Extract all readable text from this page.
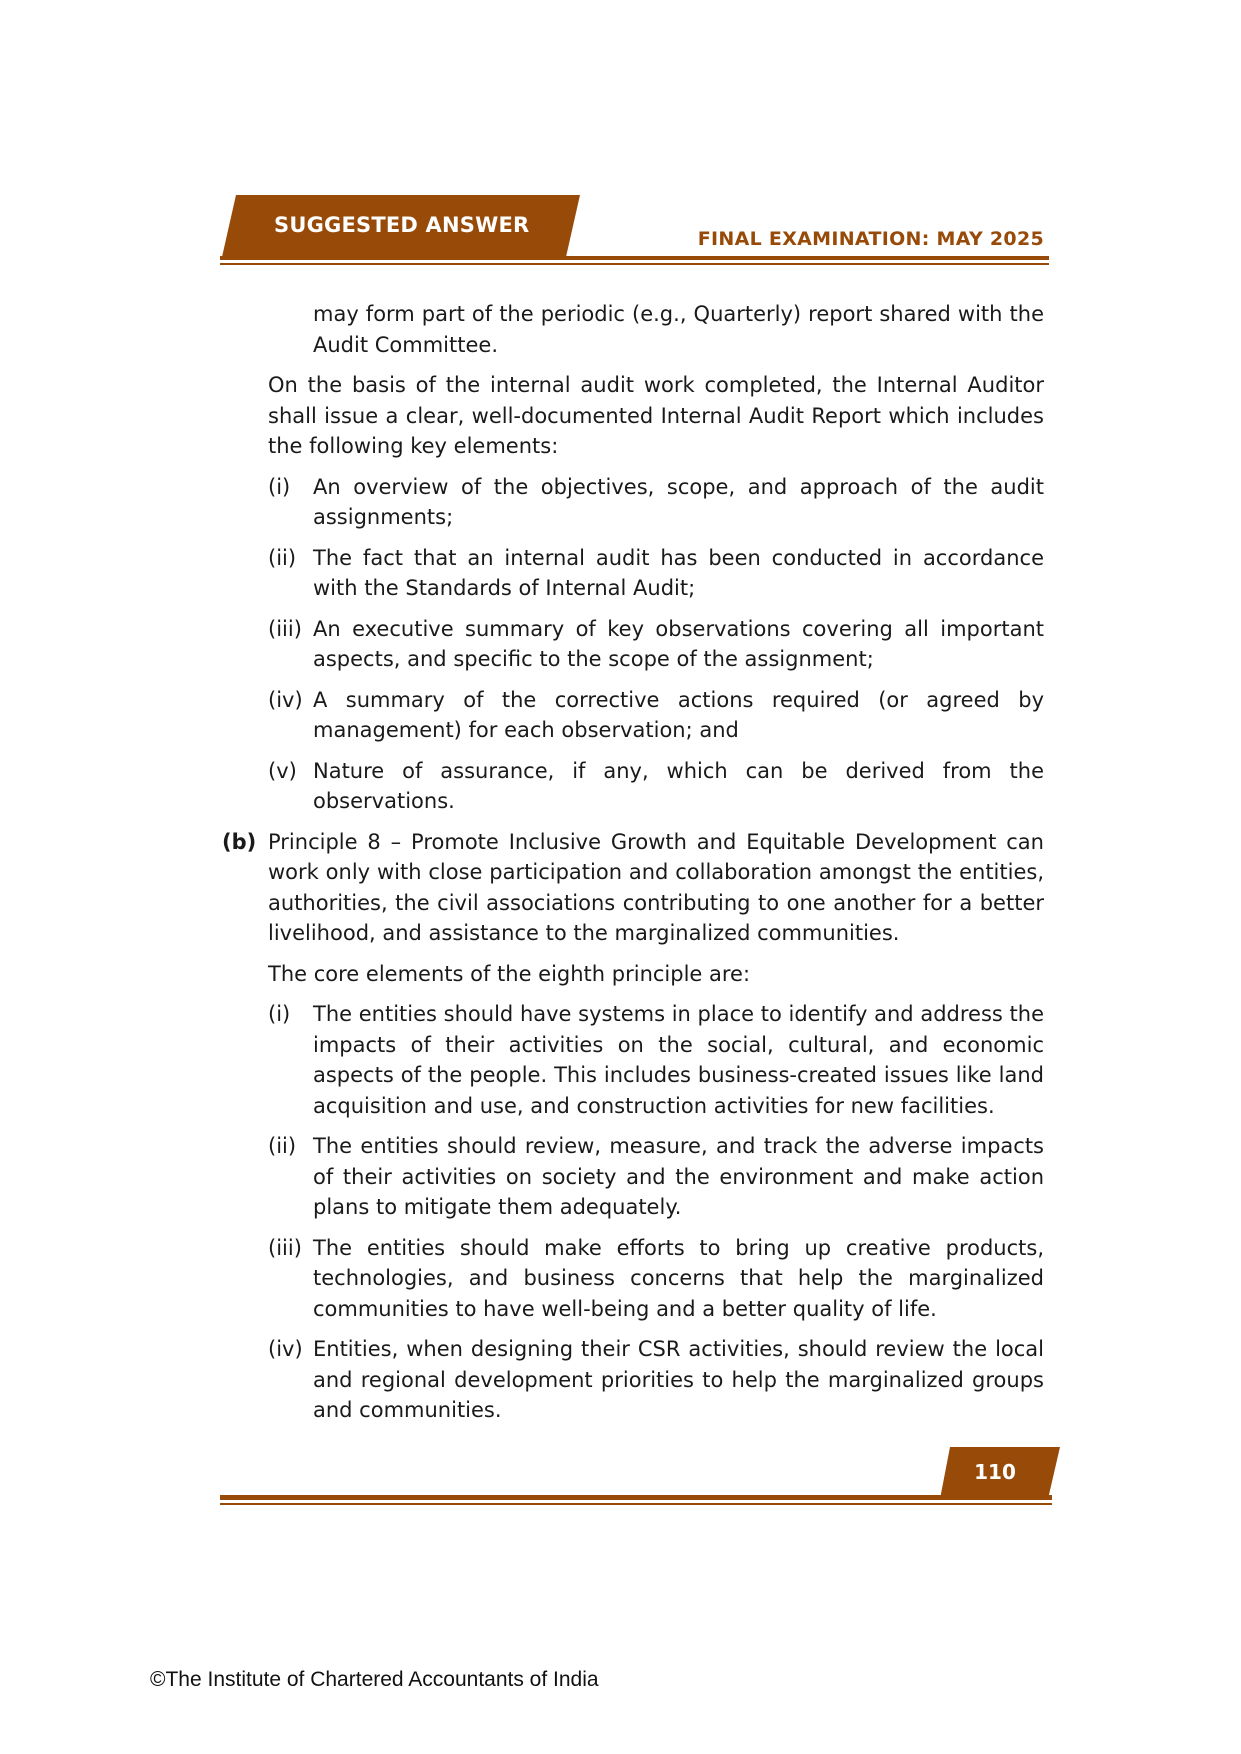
SUGGESTED ANSWER
FINAL EXAMINATION: MAY 2025

may form part of the periodic (e.g., Quarterly) report shared with the Audit Committee.

On the basis of the internal audit work completed, the Internal Auditor shall issue a clear, well-documented Internal Audit Report which includes the following key elements:

(i)	An overview of the objectives, scope, and approach of the audit assignments;
(ii) The fact that an internal audit has been conducted in accordance with the Standards of Internal Audit;
(iii) An executive summary of key observations covering all important aspects, and specific to the scope of the assignment;
(iv) A summary of the corrective actions required (or agreed by management) for each observation; and
(v) Nature of assurance, if any, which can be derived from the observations.
(b) Principle 8 – Promote Inclusive Growth and Equitable Development can work only with close participation and collaboration amongst the entities, authorities, the civil associations contributing to one another for a better livelihood, and assistance to the marginalized communities.

The core elements of the eighth principle are:

(i)	The entities should have systems in place to identify and address the impacts of their activities on the social, cultural, and economic aspects of the people. This includes business-created issues like land acquisition and use, and construction activities for new facilities.
(ii) The entities should review, measure, and track the adverse impacts of their activities on society and the environment and make action plans to mitigate them adequately.
(iii) The entities should make efforts to bring up creative products, technologies, and business concerns that help the marginalized communities to have well-being and a better quality of life.
(iv) Entities, when designing their CSR activities, should review the local and regional development priorities to help the marginalized groups and communities.
110
©The Institute of Chartered Accountants of India
